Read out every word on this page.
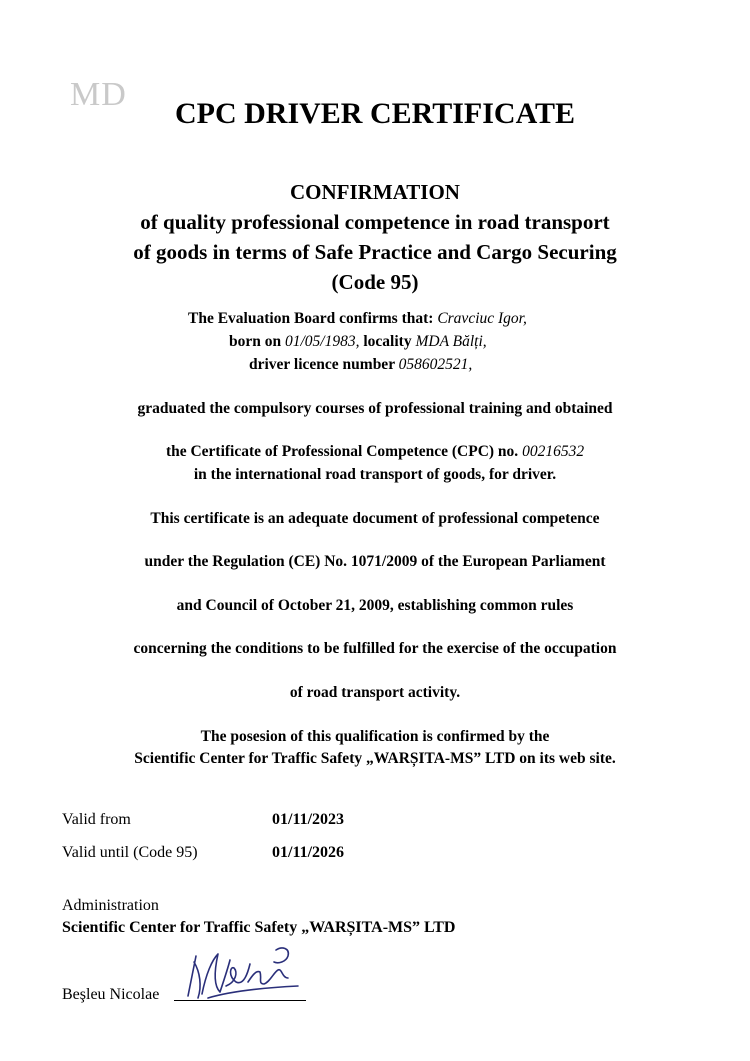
MD
CPC DRIVER CERTIFICATE
CONFIRMATION
of quality professional competence in road transport
of goods in terms of Safe Practice and Cargo Securing
(Code 95)
The Evaluation Board confirms that: Cravciuc Igor,
born on 01/05/1983, locality MDA Bălți,
driver licence number 058602521,
graduated the compulsory courses of professional training and obtained
the Certificate of Professional Competence (CPC) no. 00216532
in the international road transport of goods, for driver.
This certificate is an adequate document of professional competence
under the Regulation (CE) No. 1071/2009 of the European Parliament
and Council of October 21, 2009, establishing common rules
concerning the conditions to be fulfilled for the exercise of the occupation
of road transport activity.
The posesion of this qualification is confirmed by the
Scientific Center for Traffic Safety „WARȘITA-MS” LTD on its web site.
Valid from	01/11/2023
Valid until (Code 95)	01/11/2026
Administration
Scientific Center for Traffic Safety „WARȘITA-MS” LTD
Beşleu Nicolae
